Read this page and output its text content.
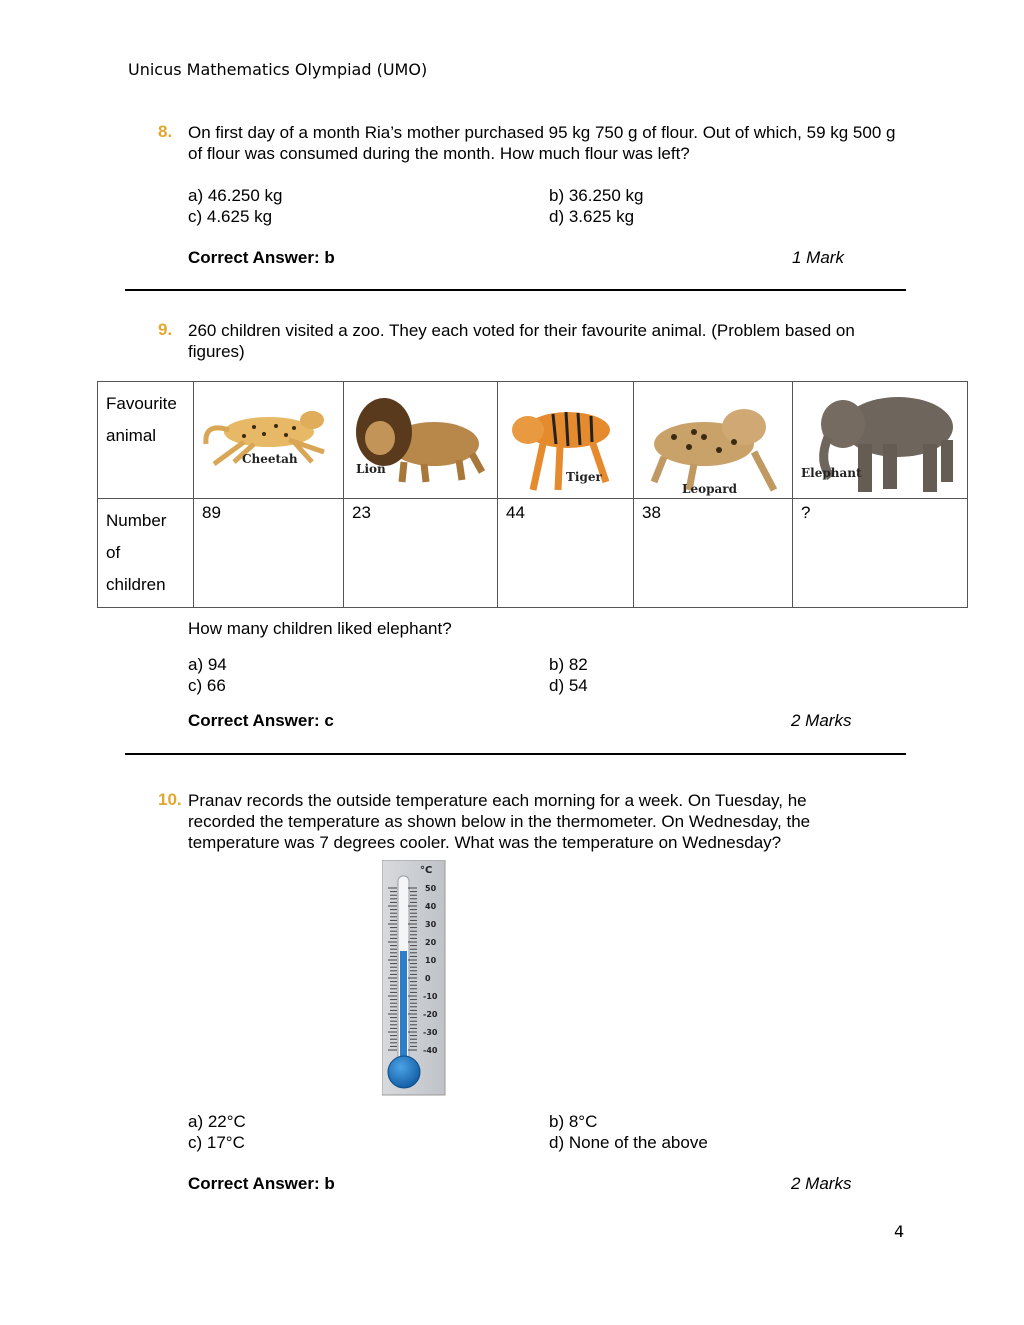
Unicus Mathematics Olympiad (UMO)
8. On first day of a month Ria’s mother purchased 95 kg 750 g of flour. Out of which, 59 kg 500 g of flour was consumed during the month. How much flour was left?
a) 46.250 kg	b) 36.250 kg
c) 4.625 kg	d) 3.625 kg
Correct Answer: b	1 Mark
9. 260 children visited a zoo. They each voted for their favourite animal. (Problem based on figures)
Favourite
animal	Cheetah	Lion	Tiger	Leopard	Elephant

Number
of
children	89	23	44	38	?
How many children liked elephant?
a) 94	b) 82
c) 66	d) 54
Correct Answer: c	2 Marks
10. Pranav records the outside temperature each morning for a week. On Tuesday, he recorded the temperature as shown below in the thermometer. On Wednesday, the temperature was 7 degrees cooler. What was the temperature on Wednesday?
°C
50
40
30
20
10
0
-10
-20
-30
-40
a) 22°C	b) 8°C
c) 17°C	d) None of the above
Correct Answer: b	2 Marks
4
